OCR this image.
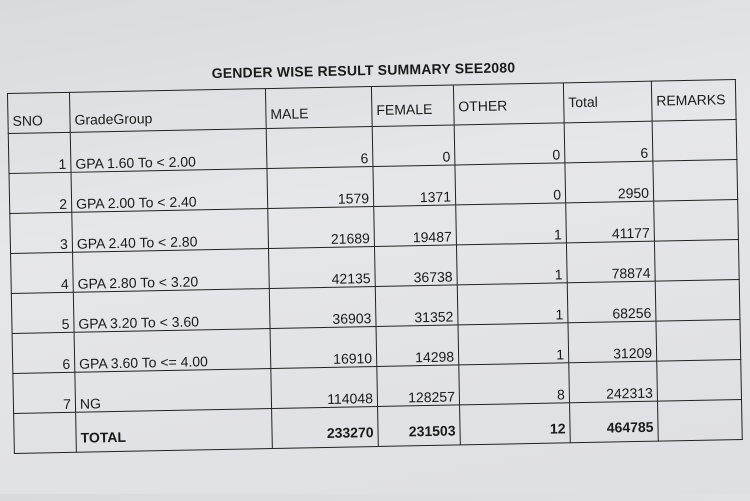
GENDER WISE RESULT SUMMARY SEE2080
SNO	GradeGroup	MALE	FEMALE	OTHER	Total	REMARKS
1	GPA 1.60 To < 2.00	6	0	0	6	
2	GPA 2.00 To < 2.40	1579	1371	0	2950	
3	GPA 2.40 To < 2.80	21689	19487	1	41177	
4	GPA 2.80 To < 3.20	42135	36738	1	78874	
5	GPA 3.20 To < 3.60	36903	31352	1	68256	
6	GPA 3.60 To <= 4.00	16910	14298	1	31209	
7	NG	114048	128257	8	242313	
	TOTAL	233270	231503	12	464785	
